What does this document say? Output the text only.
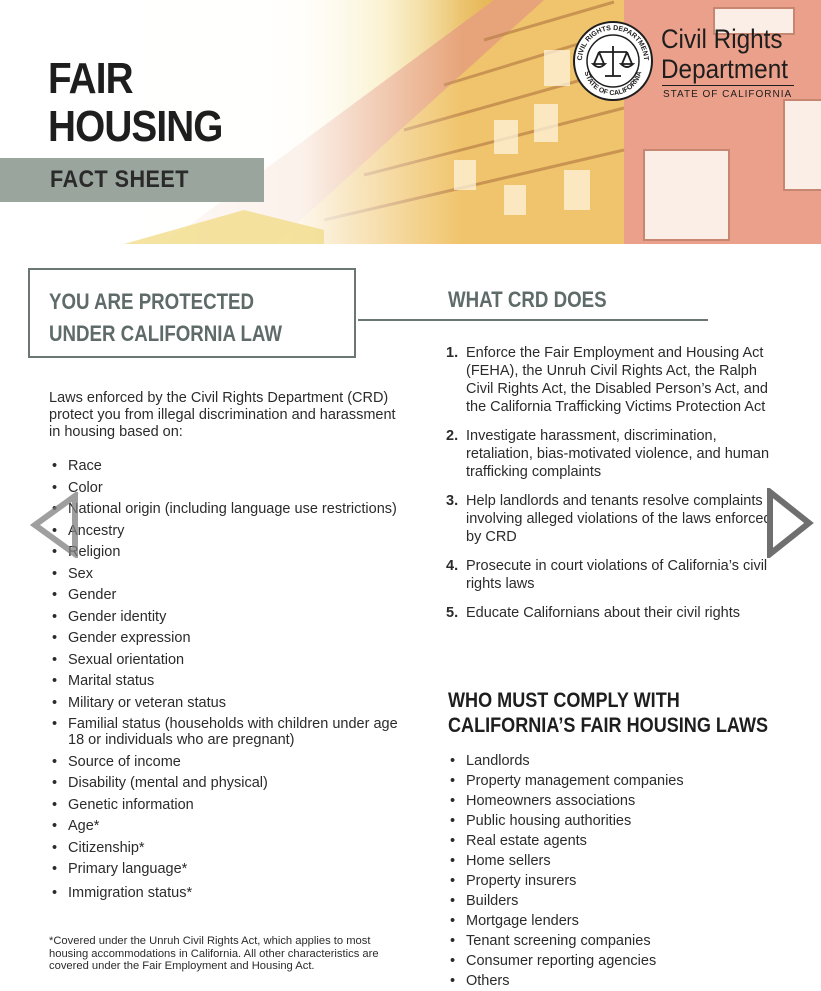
FAIR
HOUSING
FACT SHEET
CIVIL RIGHTS DEPARTMENT
STATE OF CALIFORNIA
Civil Rights
Department
STATE OF CALIFORNIA
YOU ARE PROTECTED
UNDER CALIFORNIA LAW
WHAT CRD DOES
Laws enforced by the Civil Rights Department (CRD) protect you from illegal discrimination and harassment in housing based on:
• Race
• Color
• National origin (including language use restrictions)
• Ancestry
• Religion
• Sex
• Gender
• Gender identity
• Gender expression
• Sexual orientation
• Marital status
• Military or veteran status
• Familial status (households with children under age 18 or individuals who are pregnant)
• Source of income
• Disability (mental and physical)
• Genetic information
• Age*
• Citizenship*
• Primary language*
• Immigration status*
*Covered under the Unruh Civil Rights Act, which applies to most housing accommodations in California. All other characteristics are covered under the Fair Employment and Housing Act.
1. Enforce the Fair Employment and Housing Act (FEHA), the Unruh Civil Rights Act, the Ralph Civil Rights Act, the Disabled Person’s Act, and the California Trafficking Victims Protection Act
2. Investigate harassment, discrimination, retaliation, bias-motivated violence, and human trafficking complaints
3. Help landlords and tenants resolve complaints involving alleged violations of the laws enforced by CRD
4. Prosecute in court violations of California’s civil rights laws
5. Educate Californians about their civil rights
WHO MUST COMPLY WITH
CALIFORNIA’S FAIR HOUSING LAWS
• Landlords
• Property management companies
• Homeowners associations
• Public housing authorities
• Real estate agents
• Home sellers
• Property insurers
• Builders
• Mortgage lenders
• Tenant screening companies
• Consumer reporting agencies
• Others
